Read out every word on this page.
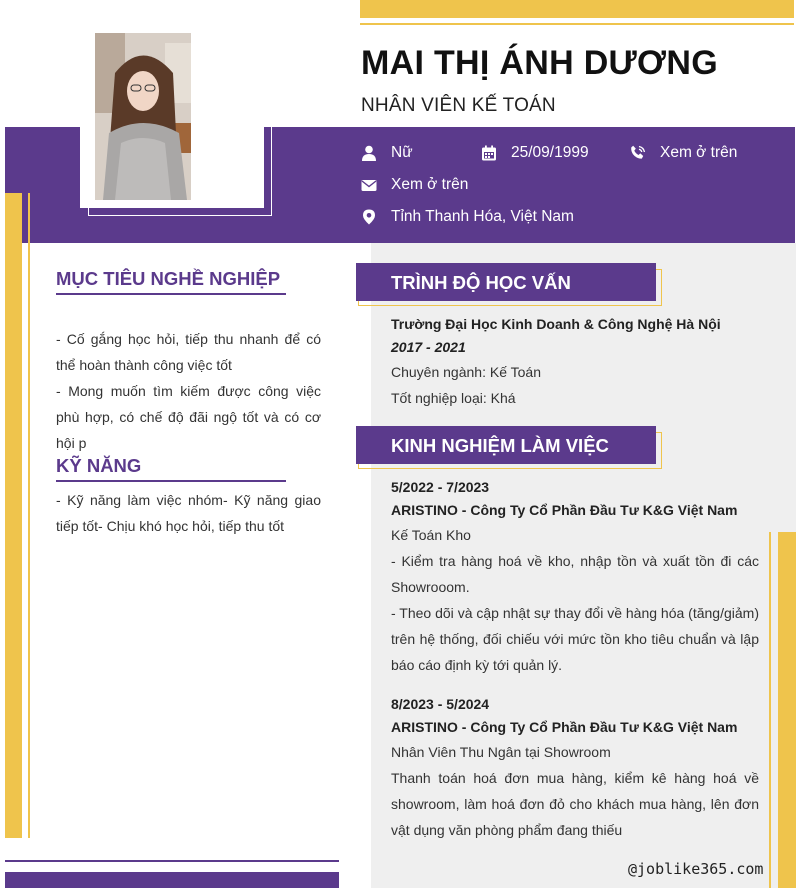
MAI THỊ ÁNH DƯƠNG
NHÂN VIÊN KẾ TOÁN
Nữ	25/09/1999	Xem ở trên
Xem ở trên
Tỉnh Thanh Hóa, Việt Nam
MỤC TIÊU NGHỀ NGHIỆP
- Cố gắng học hỏi, tiếp thu nhanh để có thể hoàn thành công việc tốt
- Mong muốn tìm kiếm được công việc phù hợp, có chế độ đãi ngộ tốt và có cơ hội p
KỸ NĂNG
- Kỹ năng làm việc nhóm- Kỹ năng giao tiếp tốt- Chịu khó học hỏi, tiếp thu tốt
TRÌNH ĐỘ HỌC VẤN
Trường Đại Học Kinh Doanh & Công Nghệ Hà Nội
2017 - 2021
Chuyên ngành: Kế Toán
Tốt nghiệp loại: Khá
KINH NGHIỆM LÀM VIỆC
5/2022 - 7/2023
ARISTINO - Công Ty Cổ Phần Đầu Tư K&G Việt Nam
Kế Toán Kho
- Kiểm tra hàng hoá về kho, nhập tồn và xuất tồn đi các Showrooom.
- Theo dõi và cập nhật sự thay đổi về hàng hóa (tăng/giảm) trên hệ thống, đối chiếu với mức tồn kho tiêu chuẩn và lập báo cáo định kỳ tới quản lý.
8/2023 - 5/2024
ARISTINO - Công Ty Cổ Phần Đầu Tư K&G Việt Nam
Nhân Viên Thu Ngân tại Showroom
Thanh toán hoá đơn mua hàng, kiểm kê hàng hoá về showroom, làm hoá đơn đỏ cho khách mua hàng, lên đơn vật dụng văn phòng phẩm đang thiếu
@joblike365.com
